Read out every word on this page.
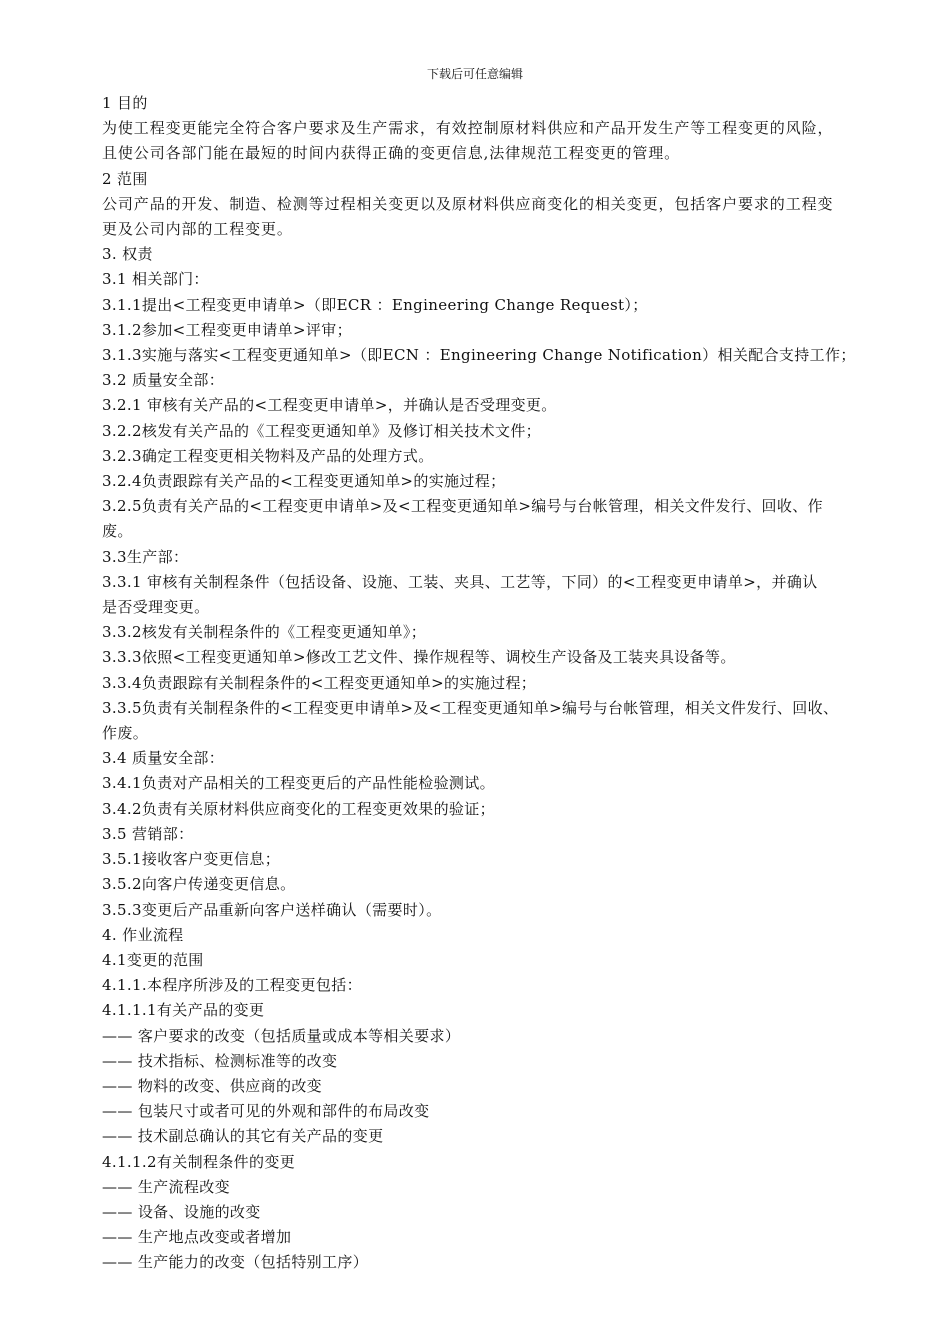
下载后可任意编辑
1 目的
为使工程变更能完全符合客户要求及生产需求，有效控制原材料供应和产品开发生产等工程变更的风险，
且使公司各部门能在最短的时间内获得正确的变更信息,法律规范工程变更的管理。
2 范围
公司产品的开发、制造、检测等过程相关变更以及原材料供应商变化的相关变更，包括客户要求的工程变
更及公司内部的工程变更。
3. 权责
3.1 相关部门：
3.1.1提出<工程变更申请单>（即ECR ：Engineering Change Request）；
3.1.2参加<工程变更申请单>评审；
3.1.3实施与落实<工程变更通知单>（即ECN ：Engineering Change Notification）相关配合支持工作；
3.2 质量安全部：
3.2.1 审核有关产品的<工程变更申请单>，并确认是否受理变更。
3.2.2核发有关产品的《工程变更通知单》及修订相关技术文件；
3.2.3确定工程变更相关物料及产品的处理方式。
3.2.4负责跟踪有关产品的<工程变更通知单>的实施过程；
3.2.5负责有关产品的<工程变更申请单>及<工程变更通知单>编号与台帐管理，相关文件发行、回收、作
废。
3.3生产部：
3.3.1 审核有关制程条件（包括设备、设施、工装、夹具、工艺等，下同）的<工程变更申请单>，并确认
是否受理变更。
3.3.2核发有关制程条件的《工程变更通知单》；
3.3.3依照<工程变更通知单>修改工艺文件、操作规程等、调校生产设备及工装夹具设备等。
3.3.4负责跟踪有关制程条件的<工程变更通知单>的实施过程；
3.3.5负责有关制程条件的<工程变更申请单>及<工程变更通知单>编号与台帐管理，相关文件发行、回收、
作废。
3.4 质量安全部：
3.4.1负责对产品相关的工程变更后的产品性能检验测试。
3.4.2负责有关原材料供应商变化的工程变更效果的验证；
3.5 营销部：
3.5.1接收客户变更信息；
3.5.2向客户传递变更信息。
3.5.3变更后产品重新向客户送样确认（需要时）。
4. 作业流程
4.1变更的范围
4.1.1.本程序所涉及的工程变更包括：
4.1.1.1有关产品的变更
—— 客户要求的改变（包括质量或成本等相关要求）
—— 技术指标、检测标准等的改变
—— 物料的改变、供应商的改变
—— 包装尺寸或者可见的外观和部件的布局改变
—— 技术副总确认的其它有关产品的变更
4.1.1.2有关制程条件的变更
—— 生产流程改变
—— 设备、设施的改变
—— 生产地点改变或者增加
—— 生产能力的改变（包括特别工序）
